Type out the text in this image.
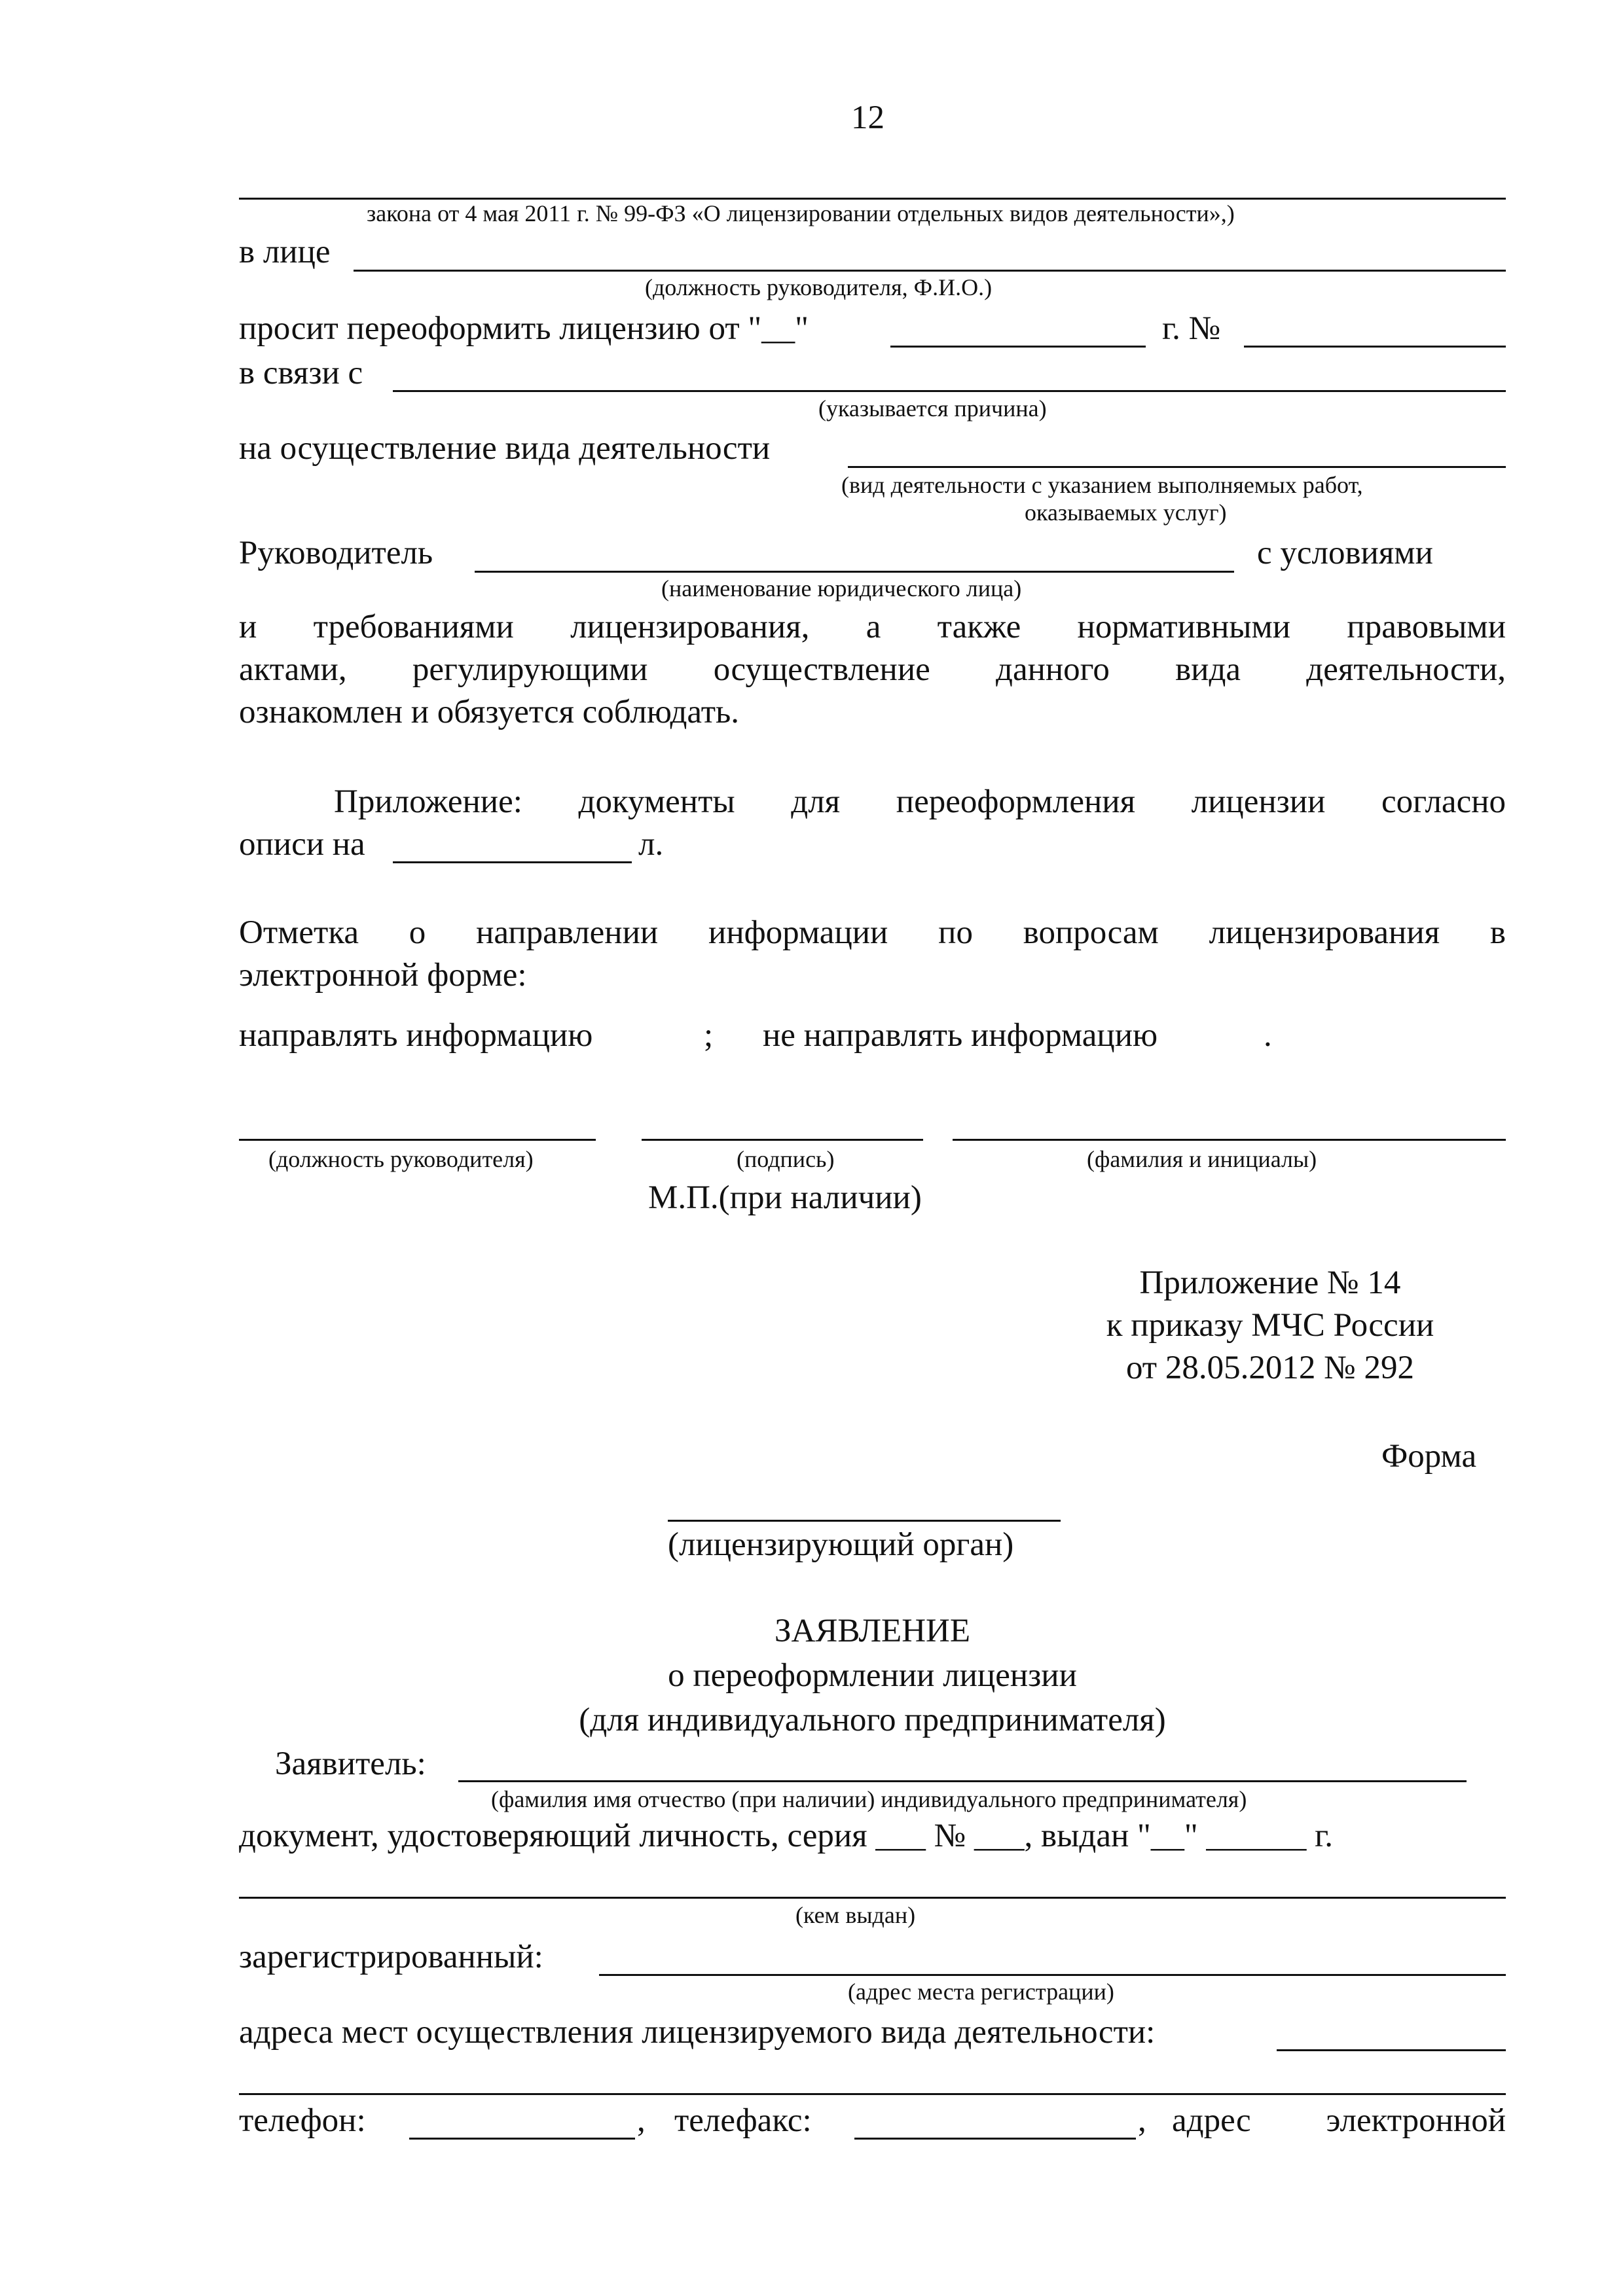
12
закона от 4 мая 2011 г. № 99-ФЗ «О лицензировании отдельных видов деятельности»,)
в лице
(должность руководителя, Ф.И.О.)
просит переоформить лицензию от "__"	г. №
в связи с
(указывается причина)
на осуществление вида деятельности
(вид деятельности с указанием выполняемых работ,
оказываемых услуг)
Руководитель	с условиями
(наименование юридического лица)
и требованиями лицензирования, а также нормативными правовыми
актами, регулирующими осуществление данного вида деятельности,
ознакомлен и обязуется соблюдать.
Приложение: документы для переоформления лицензии согласно
описи на	л.
Отметка о направлении информации по вопросам лицензирования в
электронной форме:
направлять информацию	; не направлять информацию	.
(должность руководителя)	(подпись)	(фамилия и инициалы)
М.П.(при наличии)
Приложение № 14
к приказу МЧС России
от 28.05.2012 № 292
Форма
(лицензирующий орган)
ЗАЯВЛЕНИЕ
о переоформлении лицензии
(для индивидуального предпринимателя)
Заявитель:
(фамилия имя отчество (при наличии) индивидуального предпринимателя)
документ, удостоверяющий личность, серия ___ № ___, выдан "__" ______ г.
(кем выдан)
зарегистрированный:
(адрес места регистрации)
адреса мест осуществления лицензируемого вида деятельности:
телефон:	, телефакс:	, адрес электронной
